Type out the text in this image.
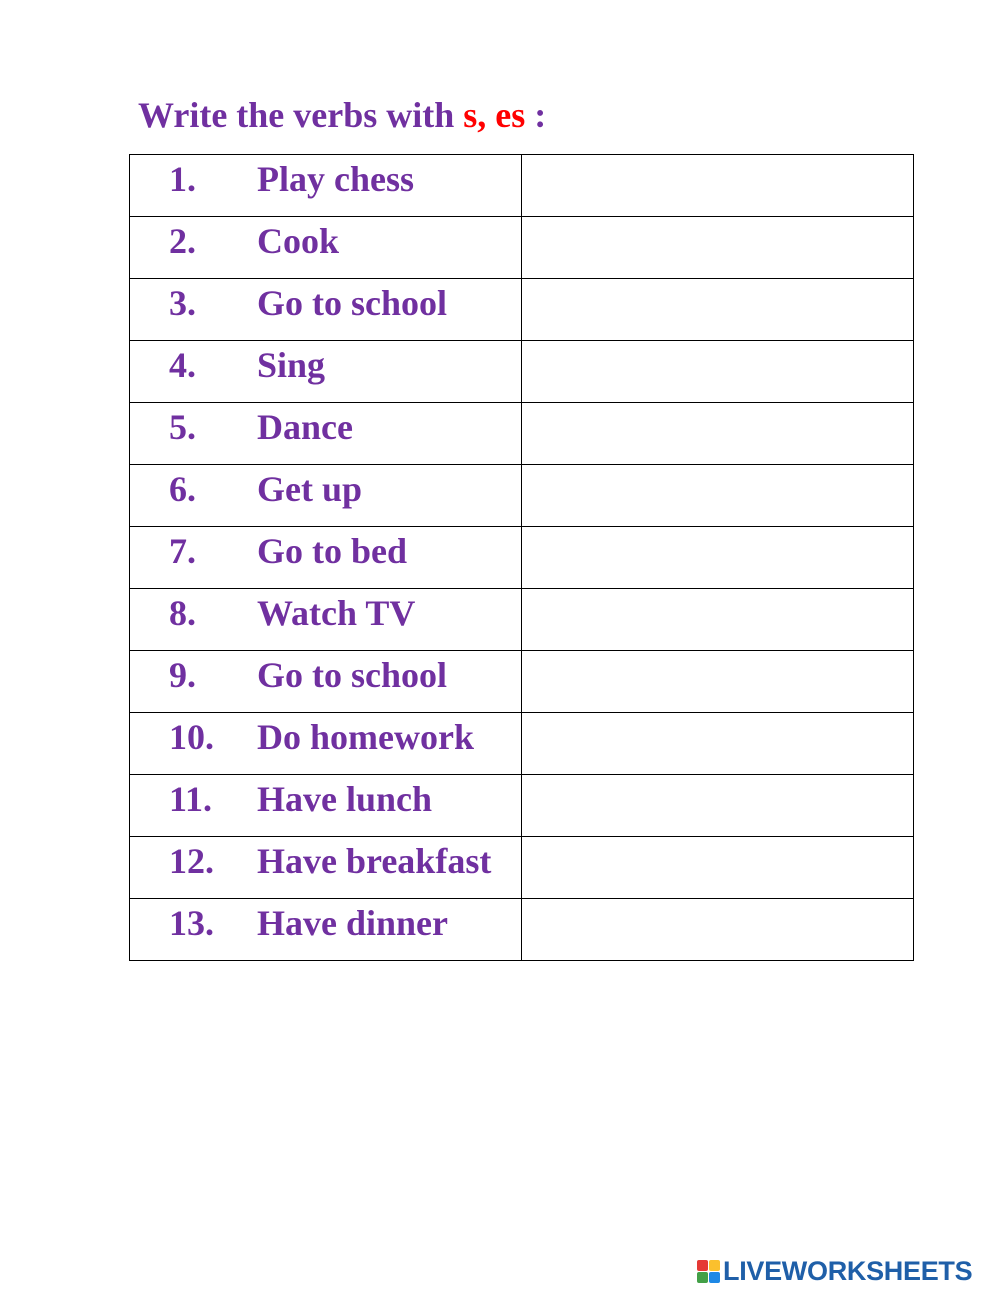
Write the verbs with s, es :
1. Play chess

2. Cook

3. Go to school

4. Sing

5. Dance

6. Get up

7. Go to bed

8. Watch TV

9. Go to school

10. Do homework

11. Have lunch

12. Have breakfast

13. Have dinner

LIVEWORKSHEETS
